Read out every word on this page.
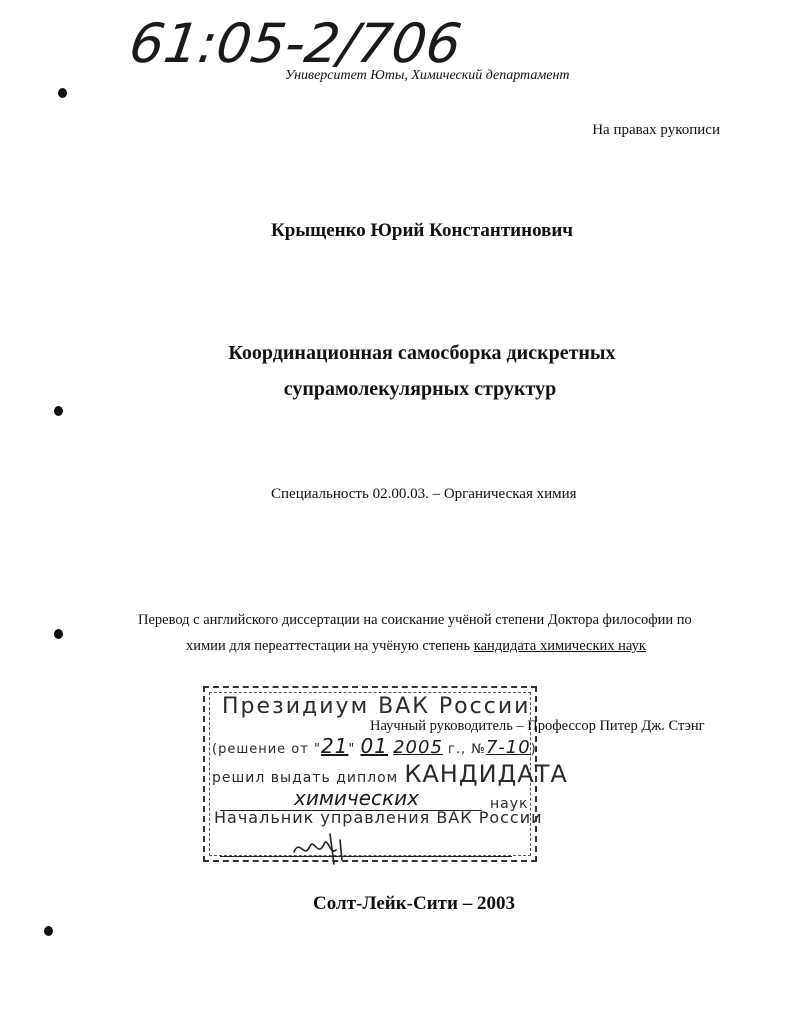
61:05-2/706
Университет Юты, Химический департамент
На правах рукописи
Крыщенко Юрий Константинович
Координационная самосборка дискретных
супрамолекулярных структур
Специальность 02.00.03. – Органическая химия
Перевод с английского диссертации на соискание учёной степени Доктора философии по
химии для переаттестации на учёную степень кандидата химических наук
Президиум ВАК России
Научный руководитель – Профессор Питер Дж. Стэнг
(решение от "21" 01 2005 г., №7-10)
решил выдать диплом КАНДИДАТА
химических	наук
Начальник управления ВАК России
Солт-Лейк-Сити – 2003
